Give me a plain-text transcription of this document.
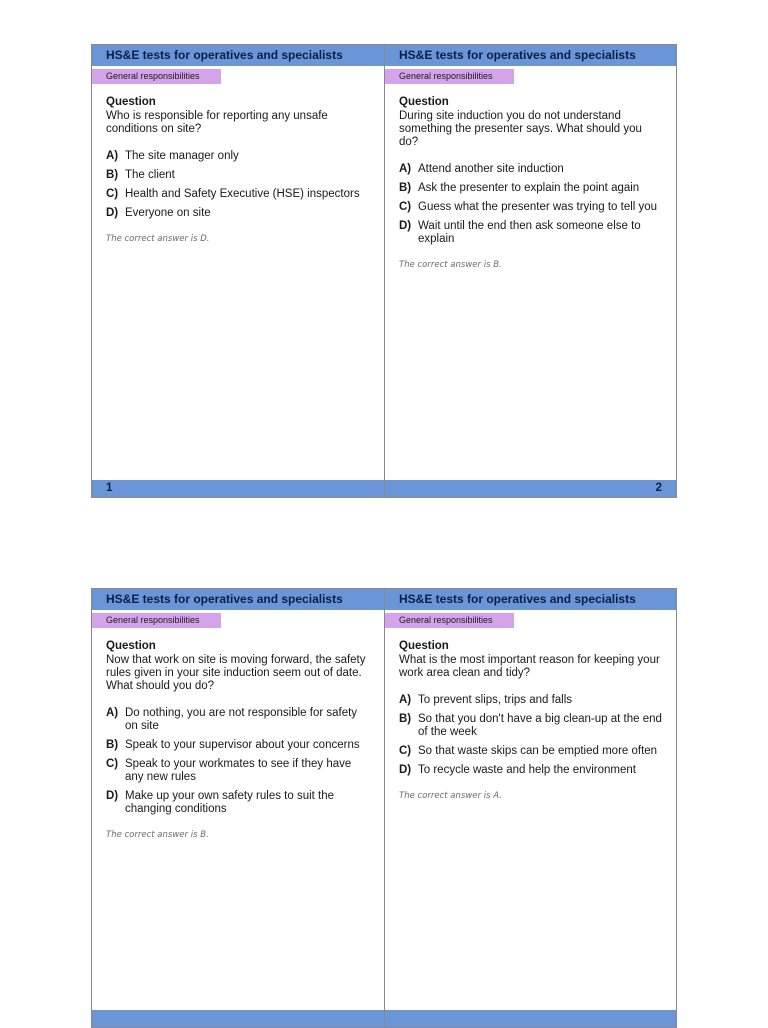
HS&E tests for operatives and specialists
General responsibilities
Question
Who is responsible for reporting any unsafe conditions on site?
A) The site manager only
B) The client
C) Health and Safety Executive (HSE) inspectors
D) Everyone on site
The correct answer is D.
1
HS&E tests for operatives and specialists
General responsibilities
Question
During site induction you do not understand something the presenter says. What should you do?
A) Attend another site induction
B) Ask the presenter to explain the point again
C) Guess what the presenter was trying to tell you
D) Wait until the end then ask someone else to explain
The correct answer is B.
2
HS&E tests for operatives and specialists
General responsibilities
Question
Now that work on site is moving forward, the safety rules given in your site induction seem out of date. What should you do?
A) Do nothing, you are not responsible for safety on site
B) Speak to your supervisor about your concerns
C) Speak to your workmates to see if they have any new rules
D) Make up your own safety rules to suit the changing conditions
The correct answer is B.
HS&E tests for operatives and specialists
General responsibilities
Question
What is the most important reason for keeping your work area clean and tidy?
A) To prevent slips, trips and falls
B) So that you don't have a big clean-up at the end of the week
C) So that waste skips can be emptied more often
D) To recycle waste and help the environment
The correct answer is A.
